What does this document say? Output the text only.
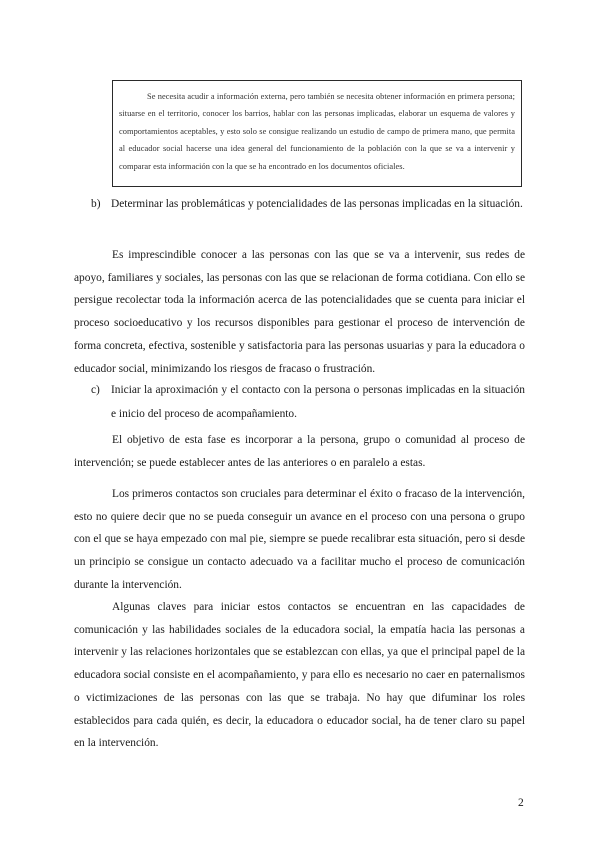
Se necesita acudir a información externa, pero también se necesita obtener información en primera persona; situarse en el territorio, conocer los barrios, hablar con las personas implicadas, elaborar un esquema de valores y comportamientos aceptables, y esto solo se consigue realizando un estudio de campo de primera mano, que permita al educador social hacerse una idea general del funcionamiento de la población con la que se va a intervenir y comparar esta información con la que se ha encontrado en los documentos oficiales.

b) Determinar las problemáticas y potencialidades de las personas implicadas en la situación.

Es imprescindible conocer a las personas con las que se va a intervenir, sus redes de apoyo, familiares y sociales, las personas con las que se relacionan de forma cotidiana. Con ello se persigue recolectar toda la información acerca de las potencialidades que se cuenta para iniciar el proceso socioeducativo y los recursos disponibles para gestionar el proceso de intervención de forma concreta, efectiva, sostenible y satisfactoria para las personas usuarias y para la educadora o educador social, minimizando los riesgos de fracaso o frustración.

c) Iniciar la aproximación y el contacto con la persona o personas implicadas en la situación e inicio del proceso de acompañamiento.

El objetivo de esta fase es incorporar a la persona, grupo o comunidad al proceso de intervención; se puede establecer antes de las anteriores o en paralelo a estas.

Los primeros contactos son cruciales para determinar el éxito o fracaso de la intervención, esto no quiere decir que no se pueda conseguir un avance en el proceso con una persona o grupo con el que se haya empezado con mal pie, siempre se puede recalibrar esta situación, pero si desde un principio se consigue un contacto adecuado va a facilitar mucho el proceso de comunicación durante la intervención.

Algunas claves para iniciar estos contactos se encuentran en las capacidades de comunicación y las habilidades sociales de la educadora social, la empatía hacia las personas a intervenir y las relaciones horizontales que se establezcan con ellas, ya que el principal papel de la educadora social consiste en el acompañamiento, y para ello es necesario no caer en paternalismos o victimizaciones de las personas con las que se trabaja. No hay que difuminar los roles establecidos para cada quién, es decir, la educadora o educador social, ha de tener claro su papel en la intervención.

2
